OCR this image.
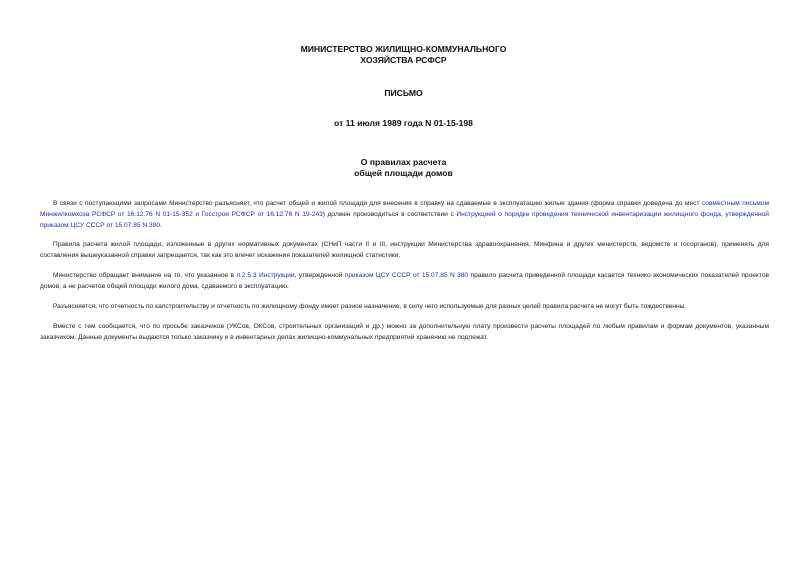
МИНИСТЕРСТВО ЖИЛИЩНО-КОММУНАЛЬНОГО
ХОЗЯЙСТВА РСФСР
ПИСЬМО
от 11 июля 1989 года N 01-15-198
О правилах расчета
общей площади домов

В связи с поступающими запросами Министерство разъясняет, что расчет общей и жилой площади для внесения в справку на сдаваемые в эксплуатацию жилые здания (форма справки доведена до мест совместным письмом Минжилкомхоза РСФСР от 16.12.76 N 01-15-352 и Госстроя РСФСР от 16.12.76 N 19-243) должен производиться в соответствии с Инструкцией о порядке проведения технической инвентаризации жилищного фонда, утвержденной приказом ЦСУ СССР от 15.07.85 N 380.

Правила расчета жилой площади, изложенные в других нормативных документах (СНиП части II и III, инструкции Министерства здравоохранения, Минфина и других министерств, ведомств и госорганов), применять для составления вышеуказанной справки запрещается, так как это влечет искажения показателей жилищной статистики.

Министерство обращает внимание на то, что указанное в п.2.5.3 Инструкции, утвержденной приказом ЦСУ СССР от 15.07.85 N 380 правило расчета приведенной площади касается технико-экономических показателей проектов домов, а не расчетов общей площади жилого дома, сдаваемого в эксплуатацию.

Разъясняется, что отчетность по капстроительству и отчетность по жилищному фонду имеет разное назначение, в силу чего используемые для разных целей правила расчета не могут быть тождественны.

Вместе с тем сообщается, что по просьбе заказчиков (УКСов, ОКСов, строительных организаций и др.) можно за дополнительную плату произвести расчеты площадей по любым правилам и формам документов, указанным заказчиком. Данные документы выдаются только заказчику и в инвентарных делах жилищно-коммунальных предприятий хранению не подлежат.
